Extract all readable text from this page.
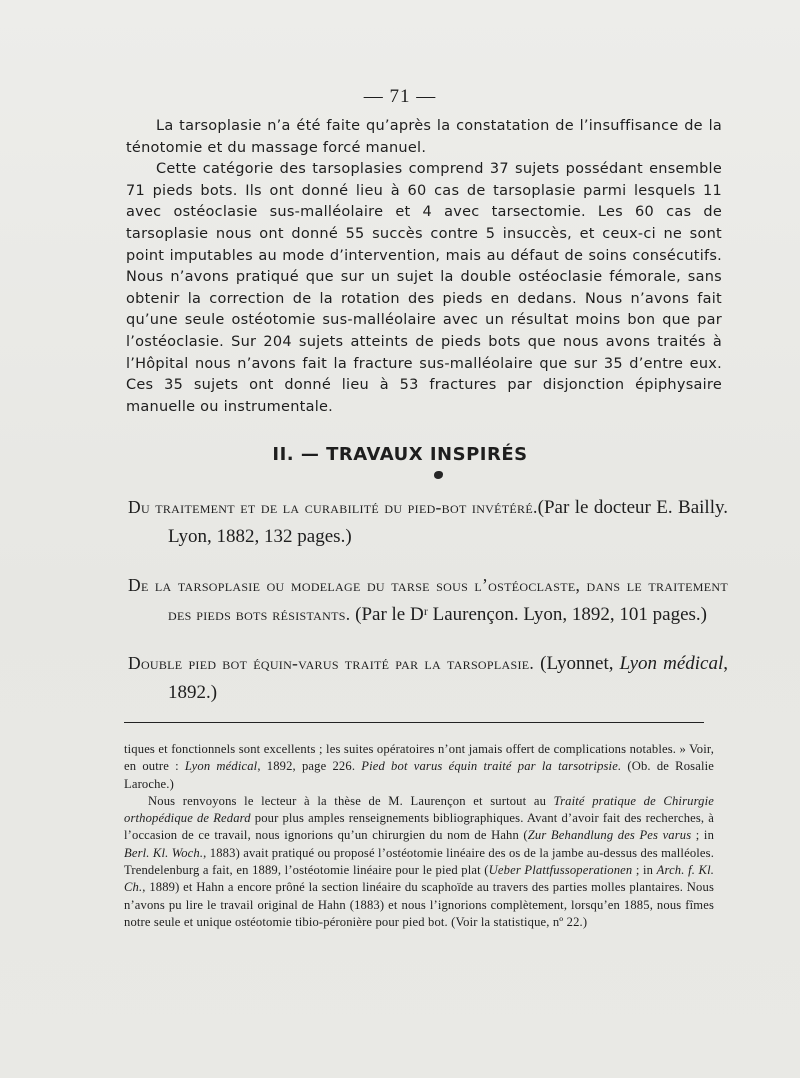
— 71 —

La tarsoplasie n’a été faite qu’après la constatation de l’insuffisance de la ténotomie et du massage forcé manuel.

Cette catégorie des tarsoplasies comprend 37 sujets possédant ensemble 71 pieds bots. Ils ont donné lieu à 60 cas de tarsoplasie parmi lesquels 11 avec ostéoclasie sus-malléolaire et 4 avec tarsectomie. Les 60 cas de tarsoplasie nous ont donné 55 succès contre 5 insuccès, et ceux-ci ne sont point imputables au mode d’intervention, mais au défaut de soins consécutifs. Nous n’avons pratiqué que sur un sujet la double ostéoclasie fémorale, sans obtenir la correction de la rotation des pieds en dedans. Nous n’avons fait qu’une seule ostéotomie sus-malléolaire avec un résultat moins bon que par l’ostéoclasie. Sur 204 sujets atteints de pieds bots que nous avons traités à l’Hôpital nous n’avons fait la fracture sus-malléolaire que sur 35 d’entre eux. Ces 35 sujets ont donné lieu à 53 fractures par disjonction épiphysaire manuelle ou instrumentale.

II. — TRAVAUX INSPIRÉS

Du traitement et de la curabilité du pied-bot invétéré.(Par le docteur E. Bailly. Lyon, 1882, 132 pages.)

De la tarsoplasie ou modelage du tarse sous l’ostéoclaste, dans le traitement des pieds bots résistants. (Par le Dʳ Laurençon. Lyon, 1892, 101 pages.)

Double pied bot équin-varus traité par la tarsoplasie. (Lyonnet, Lyon médical, 1892.)

tiques et fonctionnels sont excellents ; les suites opératoires n’ont jamais offert de complications notables. » Voir, en outre : Lyon médical, 1892, page 226. Pied bot varus équin traité par la tarsotripsie. (Ob. de Rosalie Laroche.)

Nous renvoyons le lecteur à la thèse de M. Laurençon et surtout au Traité pratique de Chirurgie orthopédique de Redard pour plus amples renseignements bibliographiques. Avant d’avoir fait des recherches, à l’occasion de ce travail, nous ignorions qu’un chirurgien du nom de Hahn (Zur Behandlung des Pes varus ; in Berl. Kl. Woch., 1883) avait pratiqué ou proposé l’ostéotomie linéaire des os de la jambe au-dessus des malléoles. Trendelenburg a fait, en 1889, l’ostéotomie linéaire pour le pied plat (Ueber Plattfussoperationen ; in Arch. f. Kl. Ch., 1889) et Hahn a encore prôné la section linéaire du scaphoïde au travers des parties molles plantaires. Nous n’avons pu lire le travail original de Hahn (1883) et nous l’ignorions complètement, lorsqu’en 1885, nous fîmes notre seule et unique ostéotomie tibio-péronière pour pied bot. (Voir la statistique, nº 22.)
